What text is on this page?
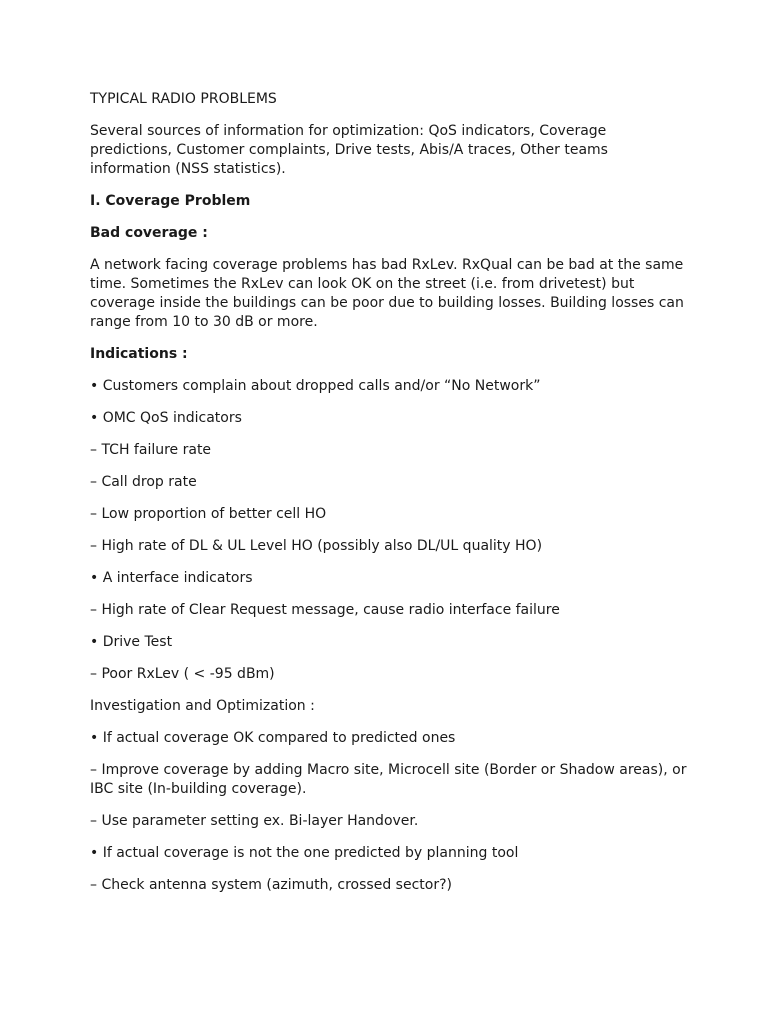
TYPICAL RADIO PROBLEMS

Several sources of information for optimization: QoS indicators, Coverage predictions, Customer complaints, Drive tests, Abis/A traces, Other teams information (NSS statistics).

I. Coverage Problem

Bad coverage :

A network facing coverage problems has bad RxLev. RxQual can be bad at the same time. Sometimes the RxLev can look OK on the street (i.e. from drivetest) but coverage inside the buildings can be poor due to building losses. Building losses can range from 10 to 30 dB or more.

Indications :

• Customers complain about dropped calls and/or “No Network”

• OMC QoS indicators

– TCH failure rate

– Call drop rate

– Low proportion of better cell HO

– High rate of DL & UL Level HO (possibly also DL/UL quality HO)

• A interface indicators

– High rate of Clear Request message, cause radio interface failure

• Drive Test

– Poor RxLev ( < -95 dBm)

Investigation and Optimization :

• If actual coverage OK compared to predicted ones

– Improve coverage by adding Macro site, Microcell site (Border or Shadow areas), or IBC site (In-building coverage).

– Use parameter setting ex. Bi-layer Handover.

• If actual coverage is not the one predicted by planning tool

– Check antenna system (azimuth, crossed sector?)
